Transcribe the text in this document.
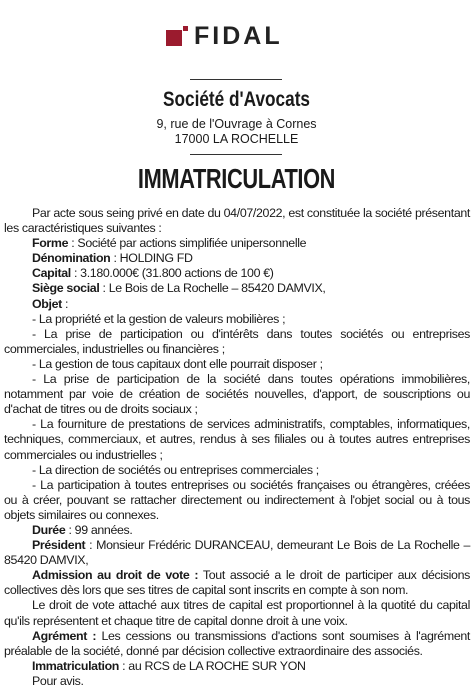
FIDAL
Société d'Avocats
9, rue de l'Ouvrage à Cornes
17000 LA ROCHELLE
IMMATRICULATION

Par acte sous seing privé en date du 04/07/2022, est constituée la société présentant les caractéristiques suivantes :

Forme : Société par actions simplifiée unipersonnelle

Dénomination : HOLDING FD

Capital : 3.180.000€ (31.800 actions de 100 €)

Siège social : Le Bois de La Rochelle – 85420 DAMVIX,

Objet :

- La propriété et la gestion de valeurs mobilières ;

- La prise de participation ou d'intérêts dans toutes sociétés ou entreprises commerciales, industrielles ou financières ;

- La gestion de tous capitaux dont elle pourrait disposer ;

- La prise de participation de la société dans toutes opérations immobilières, notamment par voie de création de sociétés nouvelles, d'apport, de souscriptions ou d'achat de titres ou de droits sociaux ;

- La fourniture de prestations de services administratifs, comptables, informatiques, techniques, commerciaux, et autres, rendus à ses filiales ou à toutes autres entreprises commerciales ou industrielles ;

- La direction de sociétés ou entreprises commerciales ;

- La participation à toutes entreprises ou sociétés françaises ou étrangères, créées ou à créer, pouvant se rattacher directement ou indirectement à l'objet social ou à tous objets similaires ou connexes.

Durée : 99 années.

Président : Monsieur Frédéric DURANCEAU, demeurant Le Bois de La Rochelle – 85420 DAMVIX,

Admission au droit de vote : Tout associé a le droit de participer aux décisions collectives dès lors que ses titres de capital sont inscrits en compte à son nom.

Le droit de vote attaché aux titres de capital est proportionnel à la quotité du capital qu'ils représentent et chaque titre de capital donne droit à une voix.

Agrément : Les cessions ou transmissions d'actions sont soumises à l'agrément préalable de la société, donné par décision collective extraordinaire des associés.

Immatriculation : au RCS de LA ROCHE SUR YON

Pour avis.
